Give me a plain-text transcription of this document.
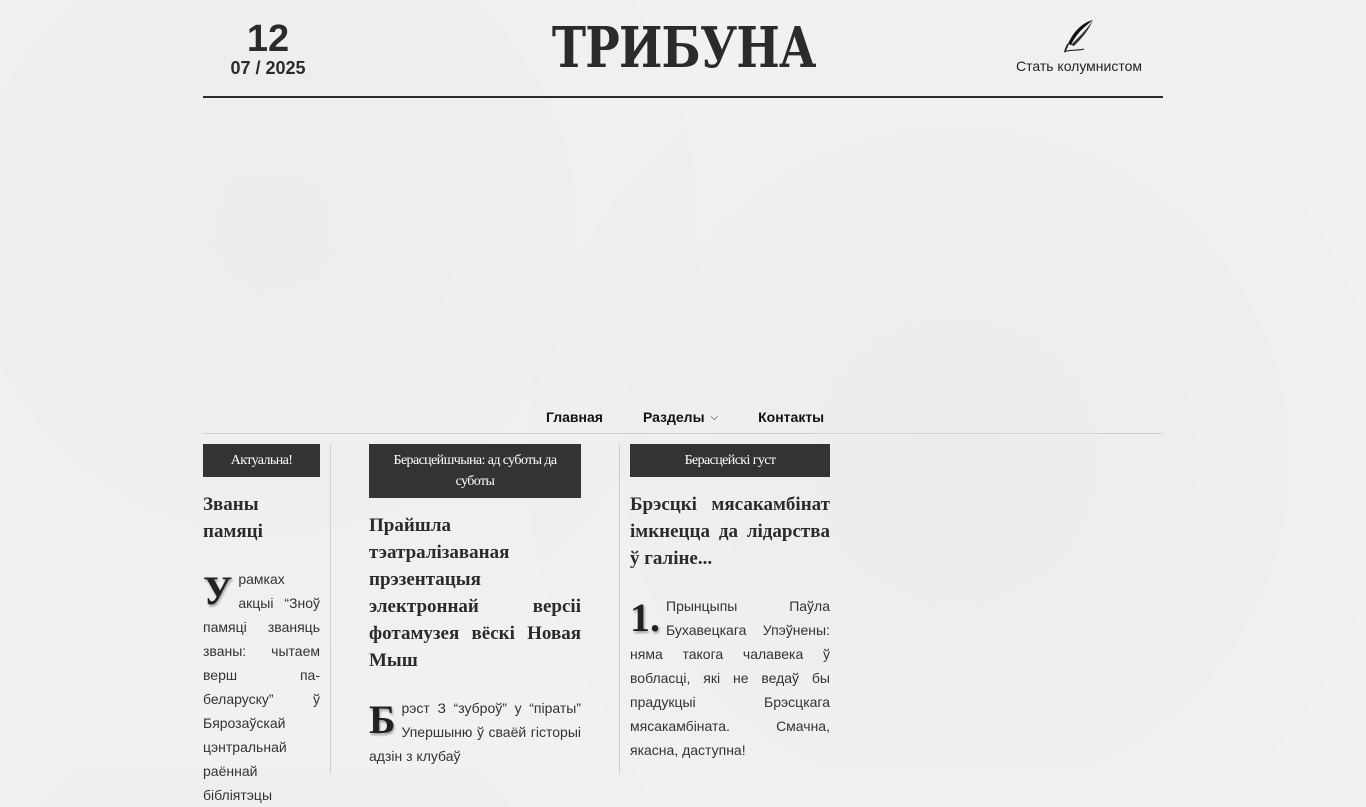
12
07 / 2025	ТРИБУНА	Стать колумнистом
Главная	Разделы ⌵	Контакты
Актуальна!
Званы памяці
У рамках акцыі “Зноў памяці званяць званы: чытаем верш па-беларуску” ў Бярозаўскай цэнтральнай раённай бібліятэцы
Берасцейшчына: ад суботы да суботы
Прайшла тэатралізаваная прэзентацыя электроннай версіі фотамузея вёскі Новая Мыш
Б рэст З “зуброў” у “піраты” Упершыню ў сваёй гісторыі адзін з клубаў
Берасцейскі густ
Брэсцкі мясакамбінат імкнецца да лідарства ў галіне...
1. Прынцыпы Паўла Бухавецкага Упэўнены: няма такога чалавека ў вобласці, які не ведаў бы прадукцыі Брэсцкага мясакамбіната. Смачна, якасна, даступна!
